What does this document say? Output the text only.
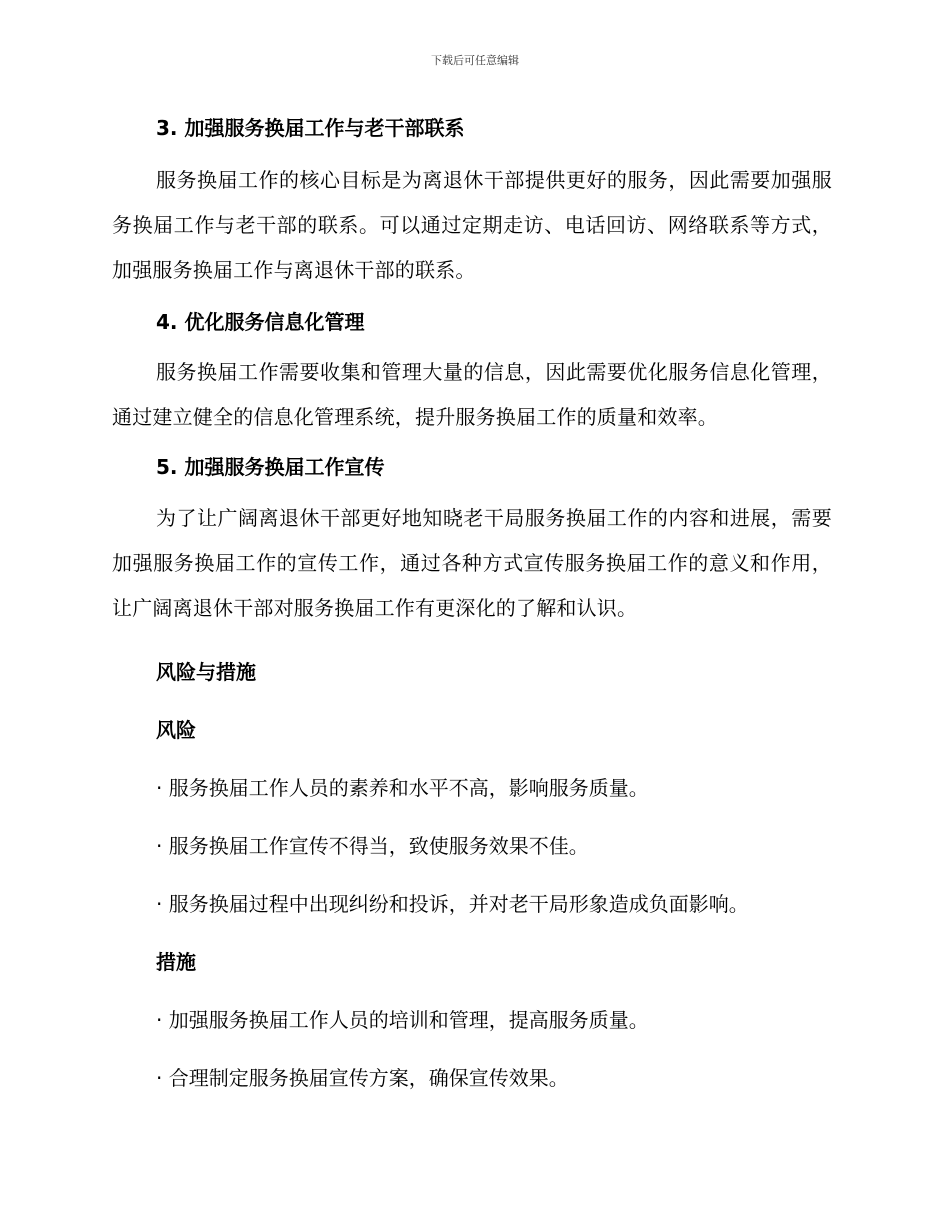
下载后可任意编辑
3. 加强服务换届工作与老干部联系

服务换届工作的核心目标是为离退休干部提供更好的服务，因此需要加强服务换届工作与老干部的联系。可以通过定期走访、电话回访、网络联系等方式，加强服务换届工作与离退休干部的联系。

4. 优化服务信息化管理

服务换届工作需要收集和管理大量的信息，因此需要优化服务信息化管理，通过建立健全的信息化管理系统，提升服务换届工作的质量和效率。

5. 加强服务换届工作宣传

为了让广阔离退休干部更好地知晓老干局服务换届工作的内容和进展，需要加强服务换届工作的宣传工作，通过各种方式宣传服务换届工作的意义和作用，让广阔离退休干部对服务换届工作有更深化的了解和认识。

风险与措施
风险

· 服务换届工作人员的素养和水平不高，影响服务质量。

· 服务换届工作宣传不得当，致使服务效果不佳。

· 服务换届过程中出现纠纷和投诉，并对老干局形象造成负面影响。

措施

· 加强服务换届工作人员的培训和管理，提高服务质量。

· 合理制定服务换届宣传方案，确保宣传效果。
